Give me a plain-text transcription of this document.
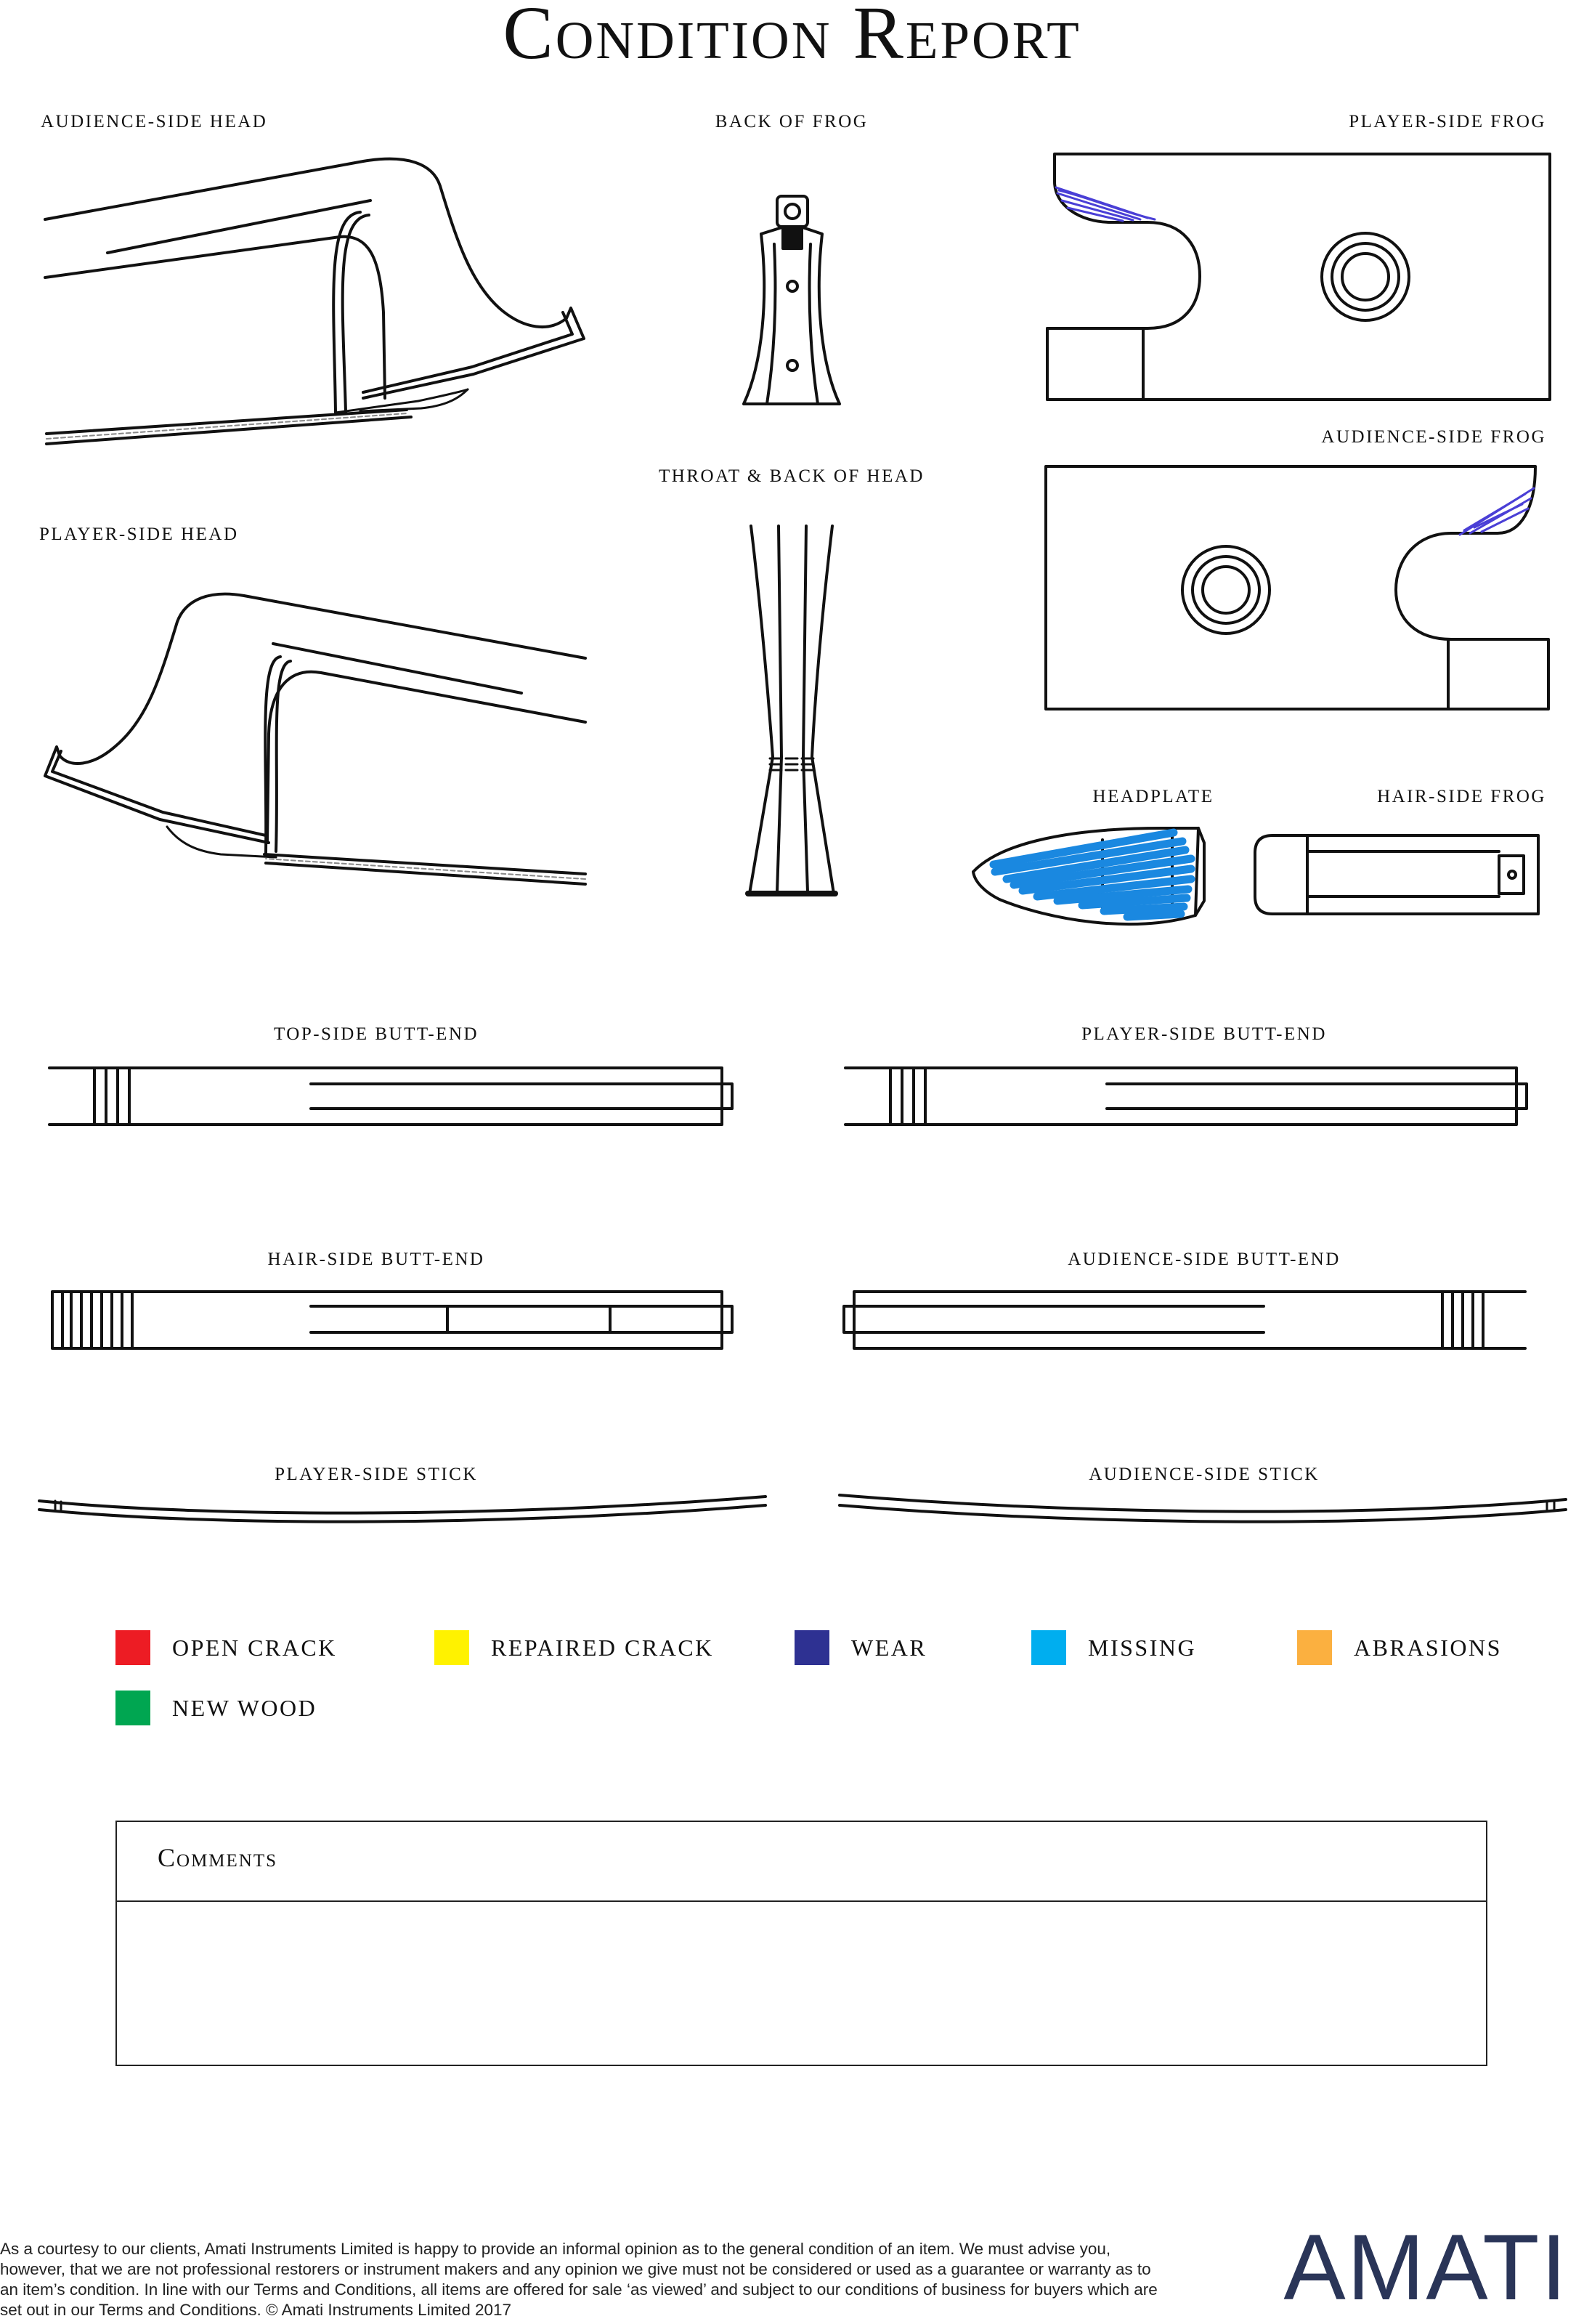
Condition Report
AUDIENCE-SIDE HEAD	BACK OF FROG	PLAYER-SIDE FROG
AUDIENCE-SIDE FROG
THROAT & BACK OF HEAD
PLAYER-SIDE HEAD
HEADPLATE	HAIR-SIDE FROG
TOP-SIDE BUTT-END	PLAYER-SIDE BUTT-END
HAIR-SIDE BUTT-END	AUDIENCE-SIDE BUTT-END
PLAYER-SIDE STICK	AUDIENCE-SIDE STICK
OPEN CRACK	REPAIRED CRACK	WEAR	MISSING	ABRASIONS
NEW WOOD
Comments

As a courtesy to our clients, Amati Instruments Limited is happy to provide an informal opinion as to the general condition of an item. We must advise you, however, that we are not professional restorers or instrument makers and any opinion we give must not be considered or used as a guarantee or warranty as to an item’s condition. In line with our Terms and Conditions, all items are offered for sale ‘as viewed’ and subject to our conditions of business for buyers which are set out in our Terms and Conditions. © Amati Instruments Limited 2017	AMATI
